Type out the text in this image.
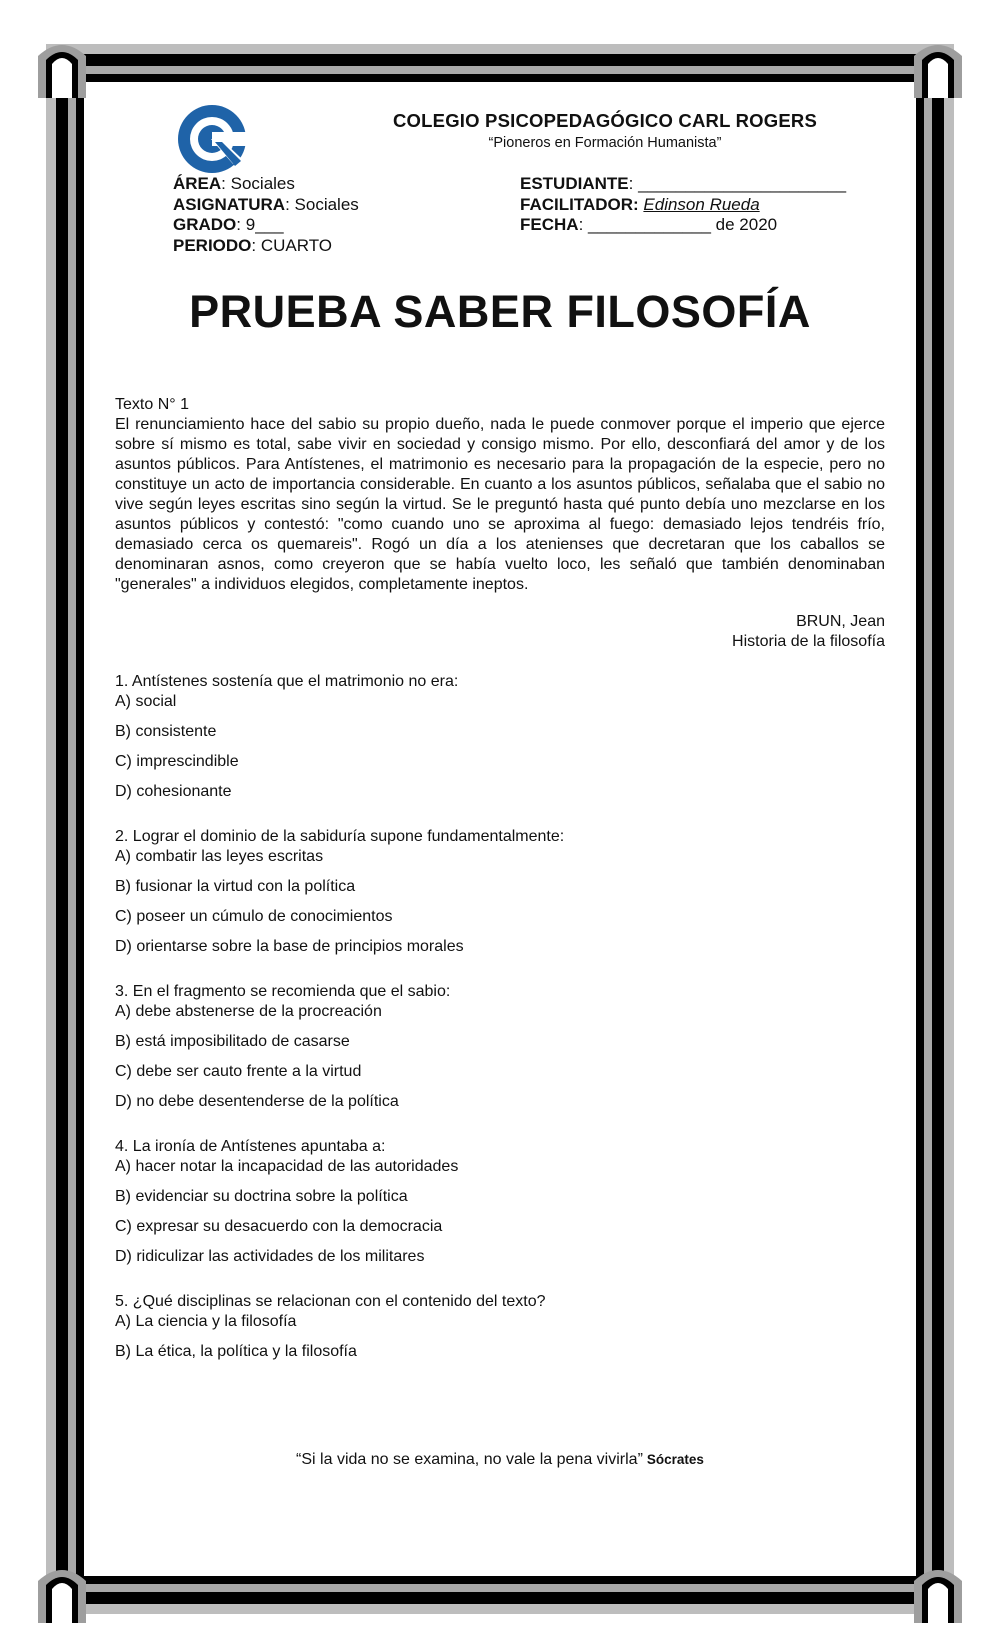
COLEGIO PSICOPEDAGÓGICO CARL ROGERS
“Pioneros en Formación Humanista”
ÁREA: Sociales
ASIGNATURA: Sociales
GRADO: 9___
PERIODO: CUARTO
ESTUDIANTE: ______________________
FACILITADOR: Edinson Rueda
FECHA: _____________ de 2020
PRUEBA SABER FILOSOFÍA
Texto N° 1
El renunciamiento hace del sabio su propio dueño, nada le puede conmover porque el imperio que ejerce sobre sí mismo es total, sabe vivir en sociedad y consigo mismo. Por ello, desconfiará del amor y de los asuntos públicos. Para Antístenes, el matrimonio es necesario para la propagación de la especie, pero no constituye un acto de importancia considerable. En cuanto a los asuntos públicos, señalaba que el sabio no vive según leyes escritas sino según la virtud. Se le preguntó hasta qué punto debía uno mezclarse en los asuntos públicos y contestó: "como cuando uno se aproxima al fuego: demasiado lejos tendréis frío, demasiado cerca os quemareis". Rogó un día a los atenienses que decretaran que los caballos se denominaran asnos, como creyeron que se había vuelto loco, les señaló que también denominaban "generales" a individuos elegidos, completamente ineptos.
BRUN, Jean
Historia de la filosofía
1. Antístenes sostenía que el matrimonio no era:
A) social
B) consistente
C) imprescindible
D) cohesionante
2. Lograr el dominio de la sabiduría supone fundamentalmente:
A) combatir las leyes escritas
B) fusionar la virtud con la política
C) poseer un cúmulo de conocimientos
D) orientarse sobre la base de principios morales
3. En el fragmento se recomienda que el sabio:
A) debe abstenerse de la procreación
B) está imposibilitado de casarse
C) debe ser cauto frente a la virtud
D) no debe desentenderse de la política
4. La ironía de Antístenes apuntaba a:
A) hacer notar la incapacidad de las autoridades
B) evidenciar su doctrina sobre la política
C) expresar su desacuerdo con la democracia
D) ridiculizar las actividades de los militares
5. ¿Qué disciplinas se relacionan con el contenido del texto?
A) La ciencia y la filosofía
B) La ética, la política y la filosofía
“Si la vida no se examina, no vale la pena vivirla” Sócrates
